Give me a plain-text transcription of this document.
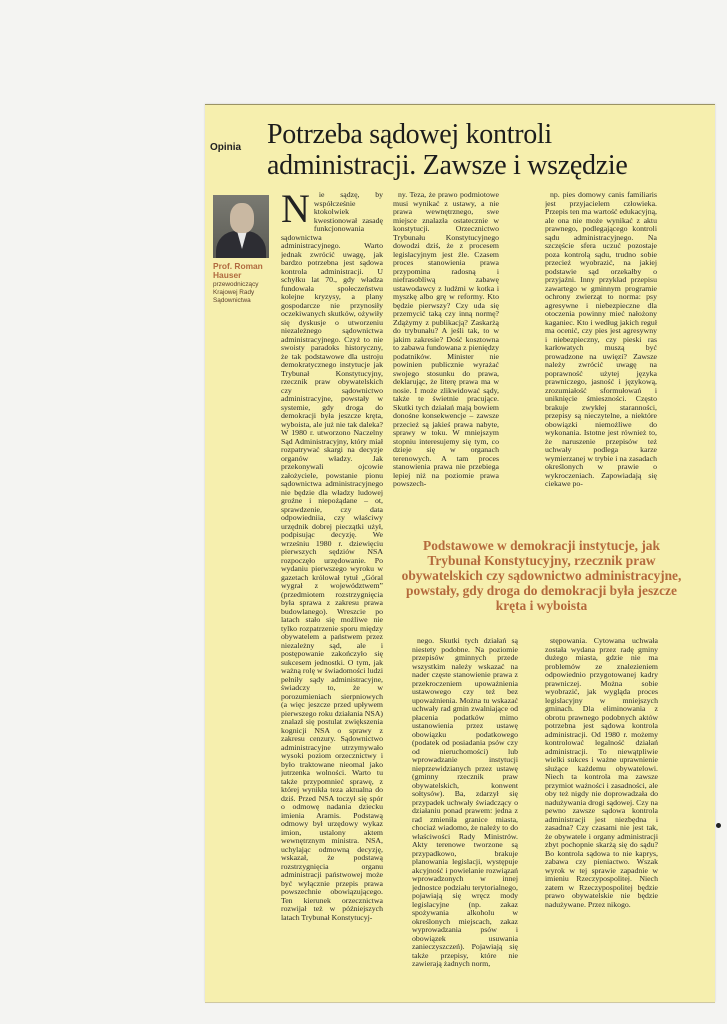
Opinia Potrzeba sądowej kontroli administracji. Zawsze i wszędzie
Prof. Roman Hauser
przewodniczący Krajowej Rady Sądownictwa
N ie sądzę, by współcześnie ktokolwiek kwestionował zasadę funkcjonowania sądownictwa administracyjnego. Warto jednak zwrócić uwagę, jak bardzo potrzebna jest sądowa kontrola administracji. U schyłku lat 70., gdy władza fundowała społeczeństwu kolejne kryzysy, a plany gospodarcze nie przynosiły oczekiwanych skutków, ożywiły się dyskusje o utworzeniu niezależnego sądownictwa administracyjnego. Czyż to nie swoisty paradoks historyczny, że tak podstawowe dla ustroju demokratycznego instytucje jak Trybunał Konstytucyjny, rzecznik praw obywatelskich czy sądownictwo administracyjne, powstały w systemie, gdy droga do demokracji była jeszcze kręta, wyboista, ale już nie tak daleka? W 1980 r. utworzono Naczelny Sąd Administracyjny, który miał rozpatrywać skargi na decyzje organów władzy. Jak przekonywali ojcowie założyciele, powstanie pionu sądownictwa administracyjnego nie będzie dla władzy ludowej groźne i niepożądane – ot, sprawdzenie, czy data odpowiedniia, czy właściwy urzędnik dobrej pieczątki użył, podpisując decyzję. We wrześniu 1980 r. dziewięciu pierwszych sędziów NSA rozpoczęło urzędowanie. Po wydaniu pierwszego wyroku w gazetach królował tytuł „Góral wygrał z województwem” (przedmiotem rozstrzygnięcia była sprawa z zakresu prawa budowlanego). Wreszcie po latach stało się możliwe nie tylko rozpatrzenie sporu między obywatelem a państwem przez niezależny sąd, ale i postępowanie zakończyło się sukcesem jednostki. O tym, jak ważną rolę w świadomości ludzi pełniły sądy administracyjne, świadczy to, że w porozumieniach sierpniowych (a więc jeszcze przed upływem pierwszego roku działania NSA) znalazł się postulat zwiększenia kognicji NSA o sprawy z zakresu cenzury. Sądownictwo administracyjne utrzymywało wysoki poziom orzecznictwy i było traktowane nieomal jako jutrzenka wolności. Warto tu także przypomnieć sprawę, z której wynikła teza aktualna do dziś. Przed NSA toczył się spór o odmowę nadania dziecku imienia Aramis. Podstawą odmowy był urzędowy wykaz imion, ustalony aktem wewnętrznym ministra. NSA, uchylając odmowną decyzję, wskazał, że podstawą rozstrzygnięcia organu administracji państwowej może być wyłącznie przepis prawa powszechnie obowiązującego. Ten kierunek orzecznictwa rozwijał też w późniejszych latach Trybunał Konstytucyj-
ny. Teza, że prawo podmiotowe musi wynikać z ustawy, a nie prawa wewnętrznego, swe miejsce znalazła ostatecznie w konstytucji. Orzecznictwo Trybunału Konstytucyjnego dowodzi dziś, że z procesem legislacyjnym jest źle. Czasem proces stanowienia prawa przypomina radosną i niefrasobliwą zabawę ustawodawcy z ludźmi w kotka i myszkę albo grę w reformy. Kto będzie pierwszy? Czy uda się przemycić taką czy inną normę? Zdążymy z publikacją? Zaskarżą do trybunału? A jeśli tak, to w jakim zakresie? Dość kosztowna to zabawa fundowana z pieniędzy podatników. Minister nie powinien publicznie wyrażać swojego stosunku do prawa, deklarując, że literę prawa ma w nosie. I może zlikwidować sądy, także te świetnie pracujące. Skutki tych działań mają bowiem donośne konsekwencje – zawsze przecież są jakieś prawa nabyte, sprawy w toku. W mniejszym stopniu interesujemy się tym, co dzieje się w organach terenowych. A tam proces stanowienia prawa nie przebiega lepiej niż na poziomie prawa powszech-
np. pies domowy canis familiaris jest przyjacielem człowieka. Przepis ten ma wartość edukacyjną, ale ona nie może wynikać z aktu prawnego, podlegającego kontroli sądu administracyjnego. Na szczęście sfera uczuć pozostaje poza kontrolą sądu, trudno sobie przecież wyobrazić, na jakiej podstawie sąd orzekałby o przyjaźni. Inny przykład przepisu zawartego w gminnym programie ochrony zwierząt to norma: psy agresywne i niebezpieczne dla otoczenia powinny mieć nałożony kaganiec. Kto i według jakich reguł ma ocenić, czy pies jest agresywny i niebezpieczny, czy pieski ras karłowatych muszą być prowadzone na uwięzi? Zawsze należy zwrócić uwagę na poprawność użytej języka prawniczego, jasność i językową, zrozumiałość sformułowań i uniknięcie śmieszności. Często brakuje zwykłej staranności, przepisy są nieczytelne, a niektóre obowiązki niemożliwe do wykonania. Istotne jest również to, że naruszenie przepisów też uchwały podlega karze wymierzanej w trybie i na zasadach określonych w prawie o wykroczeniach. Zapowiadają się ciekawe po-
Podstawowe w demokracji instytucje, jak Trybunał Konstytucyjny, rzecznik praw obywatelskich czy sądownictwo administracyjne, powstały, gdy droga do demokracji była jeszcze kręta i wyboista
nego. Skutki tych działań są niestety podobne. Na poziomie przepisów gminnych przede wszystkim należy wskazać na nader częste stanowienie prawa z przekroczeniem upoważnienia ustawowego czy też bez upoważnienia. Można tu wskazać uchwały rad gmin zwalniające od płacenia podatków mimo ustanowienia przez ustawę obowiązku podatkowego (podatek od posiadania psów czy od nieruchomości) lub wprowadzanie instytucji nieprzewidzianych przez ustawę (gminny rzecznik praw obywatelskich, konwent sołtysów). Ba, zdarzył się przypadek uchwały świadczący o działaniu ponad prawem: jedna z rad zmieniła granice miasta, chociaż wiadomo, że należy to do właściwości Rady Ministrów. Akty terenowe tworzone są przypadkowo, brakuje planowania legislacji, występuje akcyjność i powielanie rozwiązań wprowadzonych w innej jednostce podziału terytorialnego, pojawiają się wręcz mody legislacyjne (np. zakaz spożywania alkoholu w określonych miejscach, zakaz wyprowadzania psów i obowiązek usuwania zanieczyszczeń). Pojawiają się także przepisy, które nie zawierają żadnych norm,
stępowania. Cytowana uchwała została wydana przez radę gminy dużego miasta, gdzie nie ma problemów ze znalezieniem odpowiednio przygotowanej kadry prawniczej. Można sobie wyobrazić, jak wygląda proces legislacyjny w mniejszych gminach. Dla eliminowania z obrotu prawnego podobnych aktów potrzebna jest sądowa kontrola administracji. Od 1980 r. możemy kontrolować legalność działań administracji. To niewątpliwie wielki sukces i ważne uprawnienie służące każdemu obywatelowi. Niech ta kontrola ma zawsze przymiot ważności i zasadności, ale oby też nigdy nie doprowadzała do nadużywania drogi sądowej. Czy na pewno zawsze sądowa kontrola administracji jest niezbędna i zasadna? Czy czasami nie jest tak, że obywatele i organy administracji zbyt pochopnie skarżą się do sądu? Bo kontrola sądowa to nie kaprys, zabawa czy pieniactwo. Wszak wyrok w tej sprawie zapadnie w imieniu Rzeczypospolitej. Niech zatem w Rzeczypospolitej będzie prawo obywatelskie nie będzie nadużywane. Przez nikogo.
